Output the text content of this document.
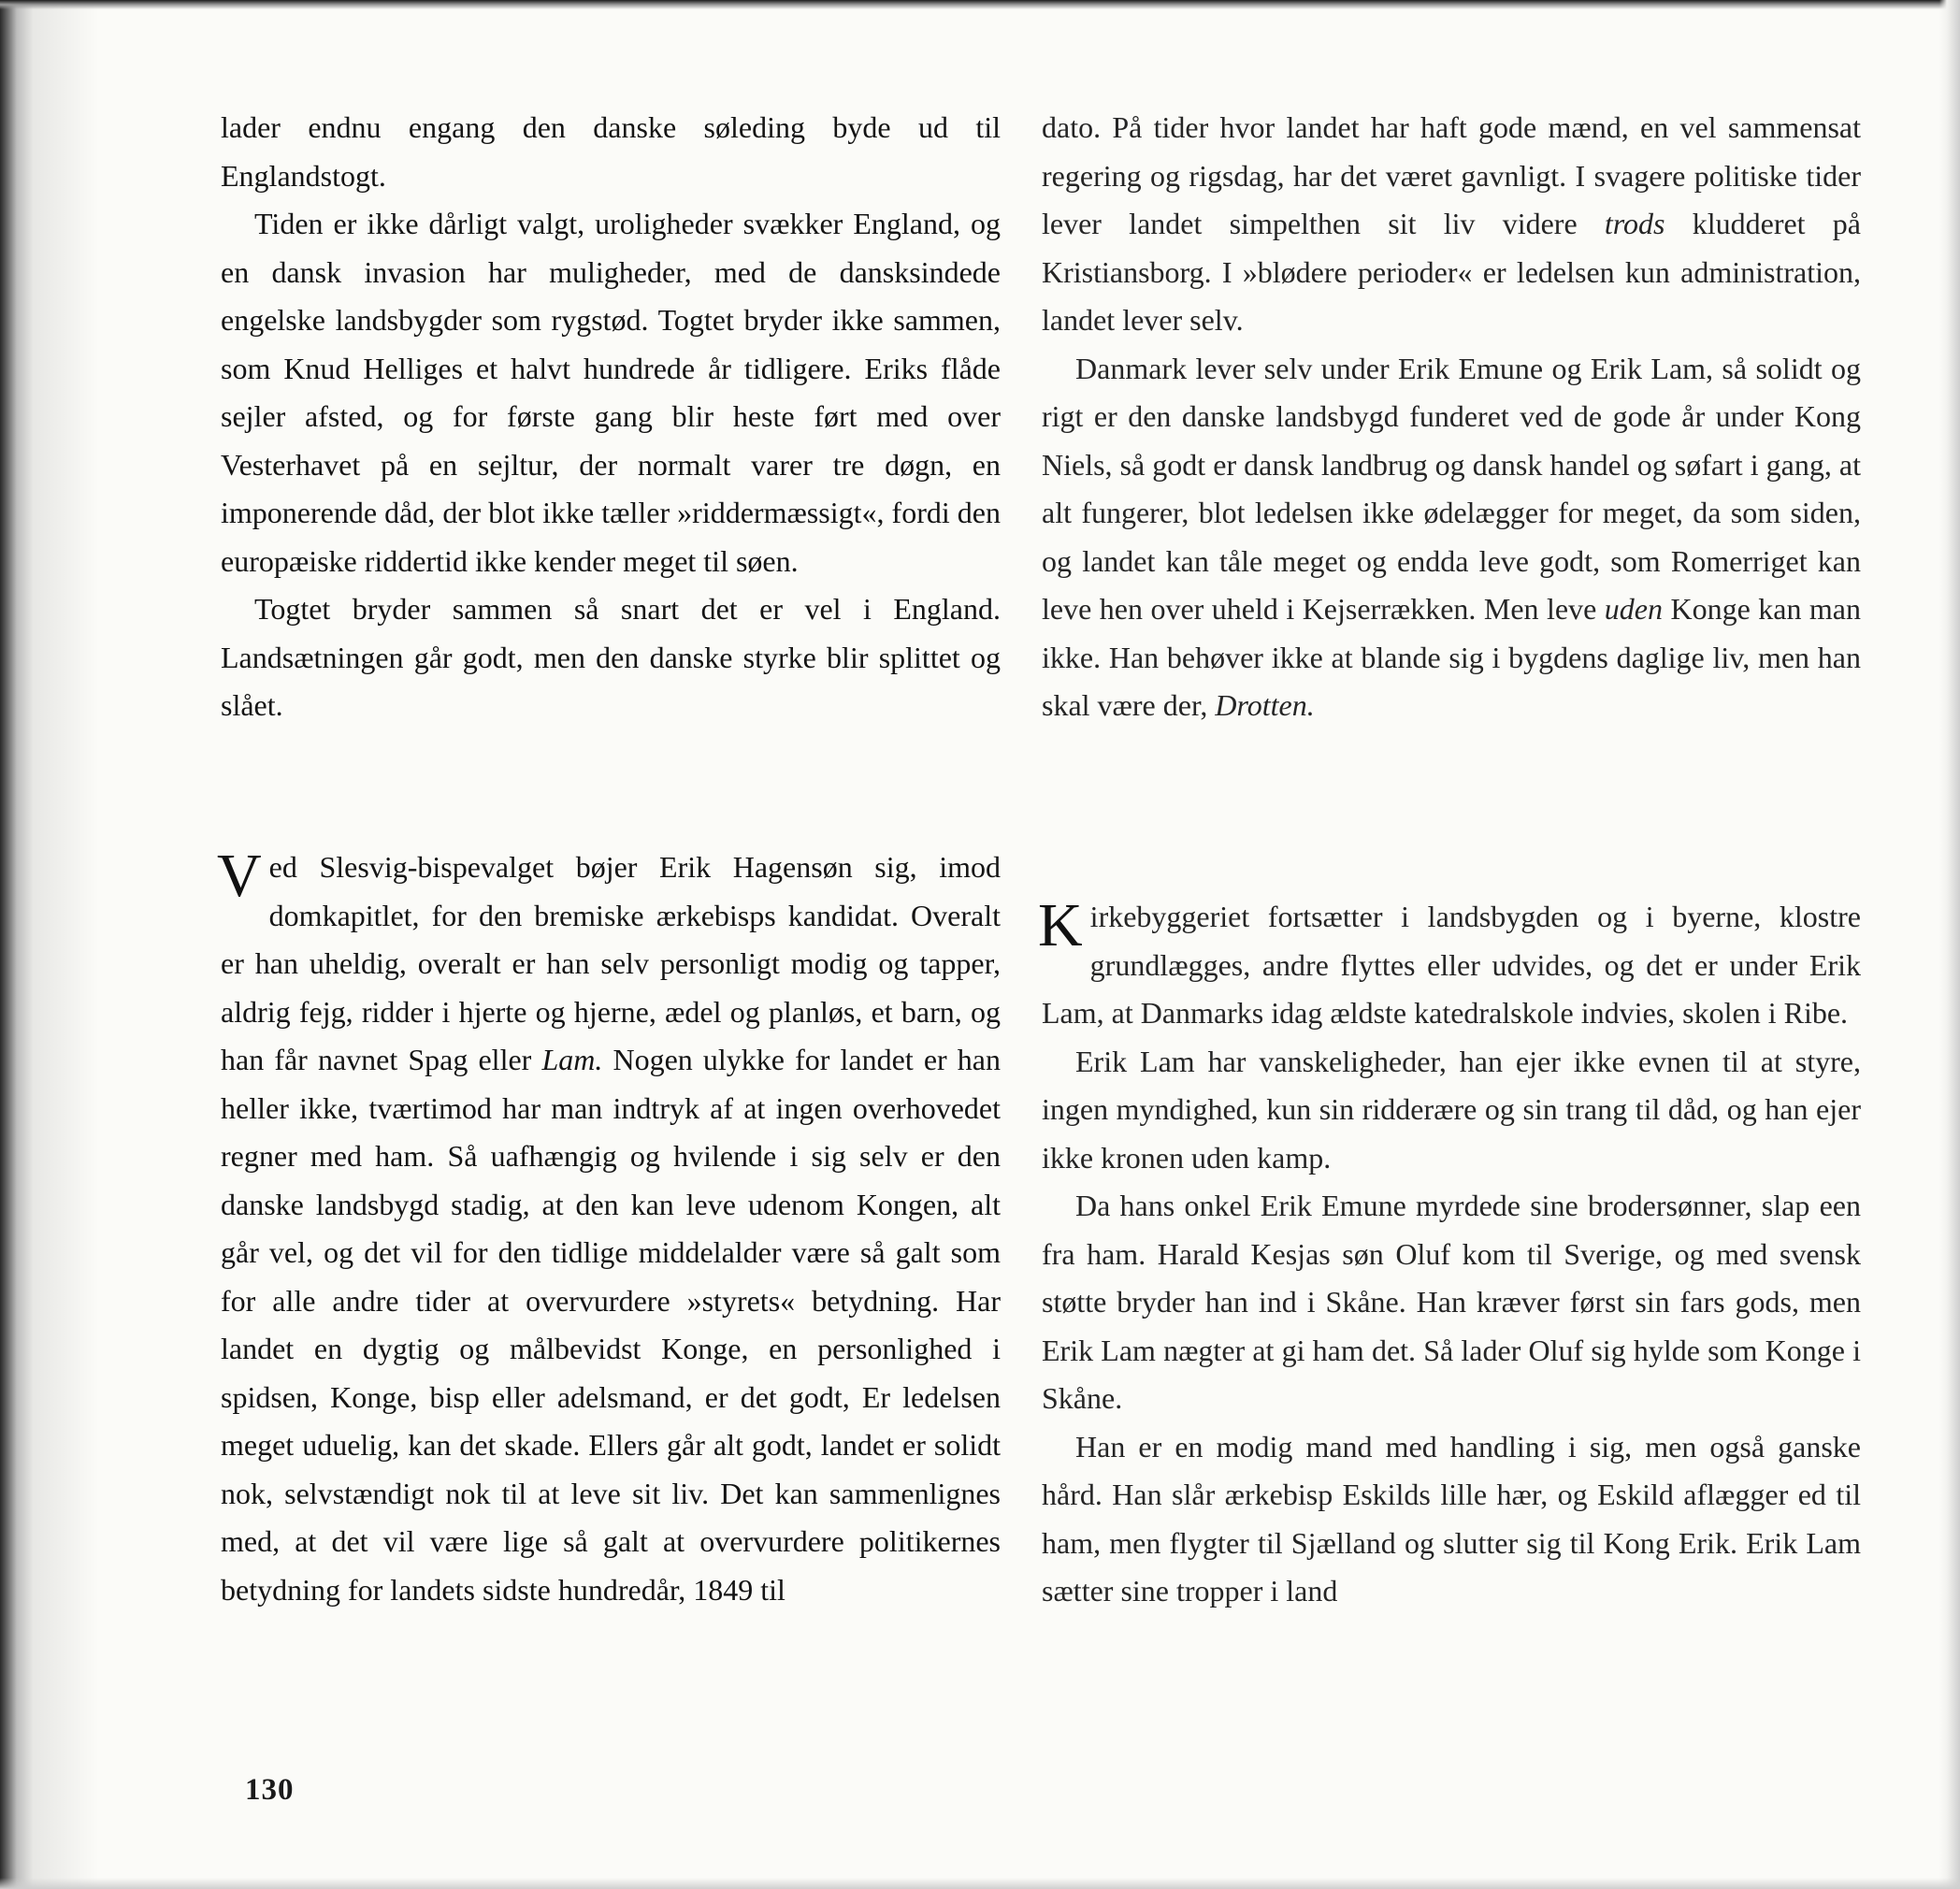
lader endnu engang den danske søleding byde ud til Englandstogt.

Tiden er ikke dårligt valgt, uroligheder svækker England, og en dansk invasion har muligheder, med de dansksindede engelske landsbygder som rygstød. Togtet bryder ikke sammen, som Knud Helliges et halvt hundrede år tidligere. Eriks flåde sejler afsted, og for første gang blir heste ført med over Vesterhavet på en sejltur, der normalt varer tre døgn, en imponerende dåd, der blot ikke tæller »riddermæssigt«, fordi den europæiske riddertid ikke kender meget til søen.

Togtet bryder sammen så snart det er vel i England. Landsætningen går godt, men den danske styrke blir splittet og slået.

Ved Slesvig-bispevalget bøjer Erik Hagensøn sig, imod domkapitlet, for den bremiske ærkebisps kandidat. Overalt er han uheldig, overalt er han selv personligt modig og tapper, aldrig fejg, ridder i hjerte og hjerne, ædel og planløs, et barn, og han får navnet Spag eller Lam. Nogen ulykke for landet er han heller ikke, tværtimod har man indtryk af at ingen overhovedet regner med ham. Så uafhængig og hvilende i sig selv er den danske landsbygd stadig, at den kan leve udenom Kongen, alt går vel, og det vil for den tidlige middelalder være så galt som for alle andre tider at overvurdere »styrets« betydning. Har landet en dygtig og målbevidst Konge, en personlighed i spidsen, Konge, bisp eller adelsmand, er det godt, Er ledelsen meget uduelig, kan det skade. Ellers går alt godt, landet er solidt nok, selvstændigt nok til at leve sit liv. Det kan sammenlignes med, at det vil være lige så galt at overvurdere politikernes betydning for landets sidste hundredår, 1849 til

130

dato. På tider hvor landet har haft gode mænd, en vel sammensat regering og rigsdag, har det været gavnligt. I svagere politiske tider lever landet simpelthen sit liv videre trods kludderet på Kristiansborg. I »blødere perioder« er ledelsen kun administration, landet lever selv.

Danmark lever selv under Erik Emune og Erik Lam, så solidt og rigt er den danske landsbygd funderet ved de gode år under Kong Niels, så godt er dansk landbrug og dansk handel og søfart i gang, at alt fungerer, blot ledelsen ikke ødelægger for meget, da som siden, og landet kan tåle meget og endda leve godt, som Romerriget kan leve hen over uheld i Kejserrækken. Men leve uden Konge kan man ikke. Han behøver ikke at blande sig i bygdens daglige liv, men han skal være der, Drotten.

Kirkebyggeriet fortsætter i landsbygden og i byerne, klostre grundlægges, andre flyttes eller udvides, og det er under Erik Lam, at Danmarks idag ældste katedralskole indvies, skolen i Ribe.

Erik Lam har vanskeligheder, han ejer ikke evnen til at styre, ingen myndighed, kun sin ridderære og sin trang til dåd, og han ejer ikke kronen uden kamp.

Da hans onkel Erik Emune myrdede sine brodersønner, slap een fra ham. Harald Kesjas søn Oluf kom til Sverige, og med svensk støtte bryder han ind i Skåne. Han kræver først sin fars gods, men Erik Lam nægter at gi ham det. Så lader Oluf sig hylde som Konge i Skåne.

Han er en modig mand med handling i sig, men også ganske hård. Han slår ærkebisp Eskilds lille hær, og Eskild aflægger ed til ham, men flygter til Sjælland og slutter sig til Kong Erik. Erik Lam sætter sine tropper i land
